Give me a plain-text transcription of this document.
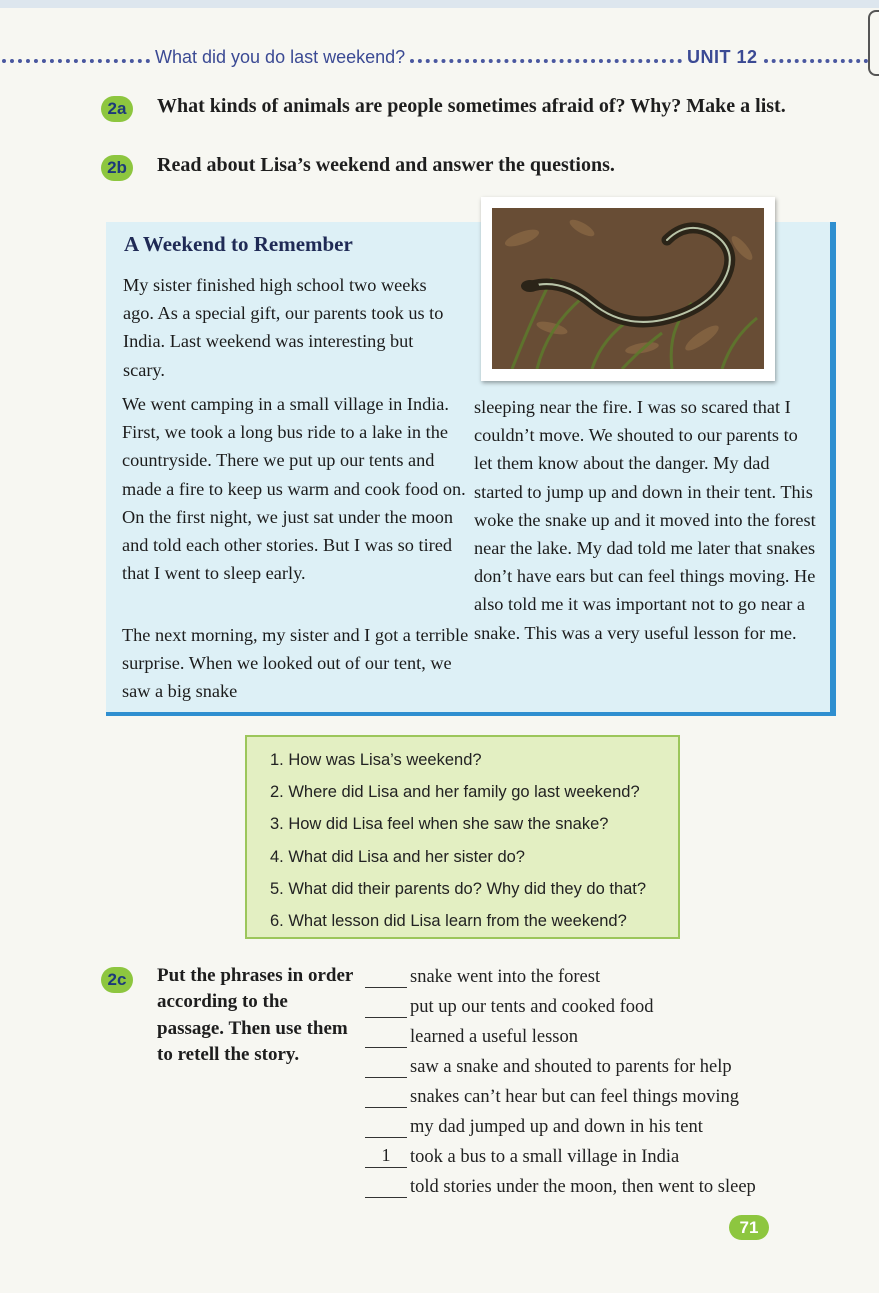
What did you do last weekend?	UNIT 12
2a	What kinds of animals are people sometimes afraid of? Why? Make a list.
2b	Read about Lisa’s weekend and answer the questions.
A Weekend to Remember

My sister finished high school two weeks ago. As a special gift, our parents took us to India. Last weekend was interesting but scary.

We went camping in a small village in India. First, we took a long bus ride to a lake in the countryside. There we put up our tents and made a fire to keep us warm and cook food on. On the first night, we just sat under the moon and told each other stories. But I was so tired that I went to sleep early.

The next morning, my sister and I got a terrible surprise. When we looked out of our tent, we saw a big snake

sleeping near the fire. I was so scared that I couldn’t move. We shouted to our parents to let them know about the danger. My dad started to jump up and down in their tent. This woke the snake up and it moved into the forest near the lake. My dad told me later that snakes don’t have ears but can feel things moving. He also told me it was important not to go near a snake. This was a very useful lesson for me.

1. How was Lisa’s weekend?
2. Where did Lisa and her family go last weekend?
3. How did Lisa feel when she saw the snake?
4. What did Lisa and her sister do?
5. What did their parents do? Why did they do that?
6. What lesson did Lisa learn from the weekend?
2c	Put the phrases in order according to the passage. Then use them to retell the story.
snake went into the forest
put up our tents and cooked food
learned a useful lesson
saw a snake and shouted to parents for help
snakes can’t hear but can feel things moving
my dad jumped up and down in his tent
1	took a bus to a small village in India
told stories under the moon, then went to sleep
71
